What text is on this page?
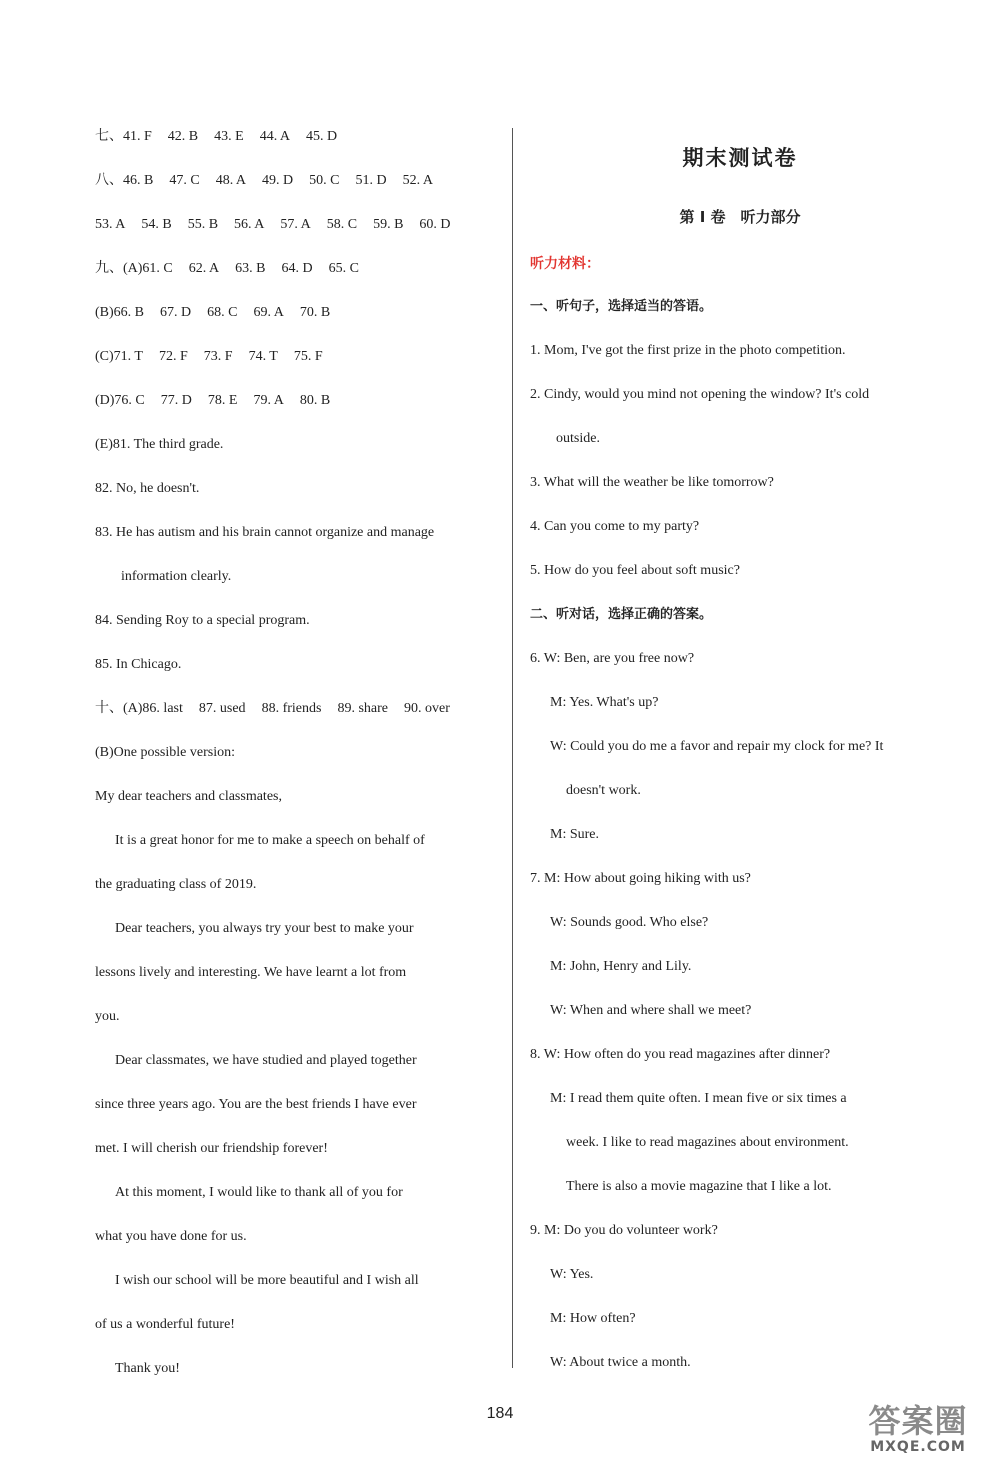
七、41. F 42. B 43. E 44. A 45. D
八、46. B 47. C 48. A 49. D 50. C 51. D 52. A
53. A 54. B 55. B 56. A 57. A 58. C 59. B 60. D
九、(A)61. C 62. A 63. B 64. D 65. C
(B)66. B 67. D 68. C 69. A 70. B
(C)71. T 72. F 73. F 74. T 75. F
(D)76. C 77. D 78. E 79. A 80. B
(E)81. The third grade.
82. No, he doesn't.
83. He has autism and his brain cannot organize and manage
information clearly.
84. Sending Roy to a special program.
85. In Chicago.
十、(A)86. last 87. used 88. friends 89. share 90. over
(B)One possible version:
My dear teachers and classmates,
It is a great honor for me to make a speech on behalf of
the graduating class of 2019.
Dear teachers, you always try your best to make your
lessons lively and interesting. We have learnt a lot from
you.
Dear classmates, we have studied and played together
since three years ago. You are the best friends I have ever
met. I will cherish our friendship forever!
At this moment, I would like to thank all of you for
what you have done for us.
I wish our school will be more beautiful and I wish all
of us a wonderful future!
Thank you!
期末测试卷
第 Ⅰ 卷　听力部分
听力材料：
一、听句子，选择适当的答语。
1. Mom, I've got the first prize in the photo competition.
2. Cindy, would you mind not opening the window? It's cold
outside.
3. What will the weather be like tomorrow?
4. Can you come to my party?
5. How do you feel about soft music?
二、听对话，选择正确的答案。
6. W: Ben, are you free now?
M: Yes. What's up?
W: Could you do me a favor and repair my clock for me? It
doesn't work.
M: Sure.
7. M: How about going hiking with us?
W: Sounds good. Who else?
M: John, Henry and Lily.
W: When and where shall we meet?
8. W: How often do you read magazines after dinner?
M: I read them quite often. I mean five or six times a
week. I like to read magazines about environment.
There is also a movie magazine that I like a lot.
9. M: Do you do volunteer work?
W: Yes.
M: How often?
W: About twice a month.
184	答案圈
MXQE.COM
